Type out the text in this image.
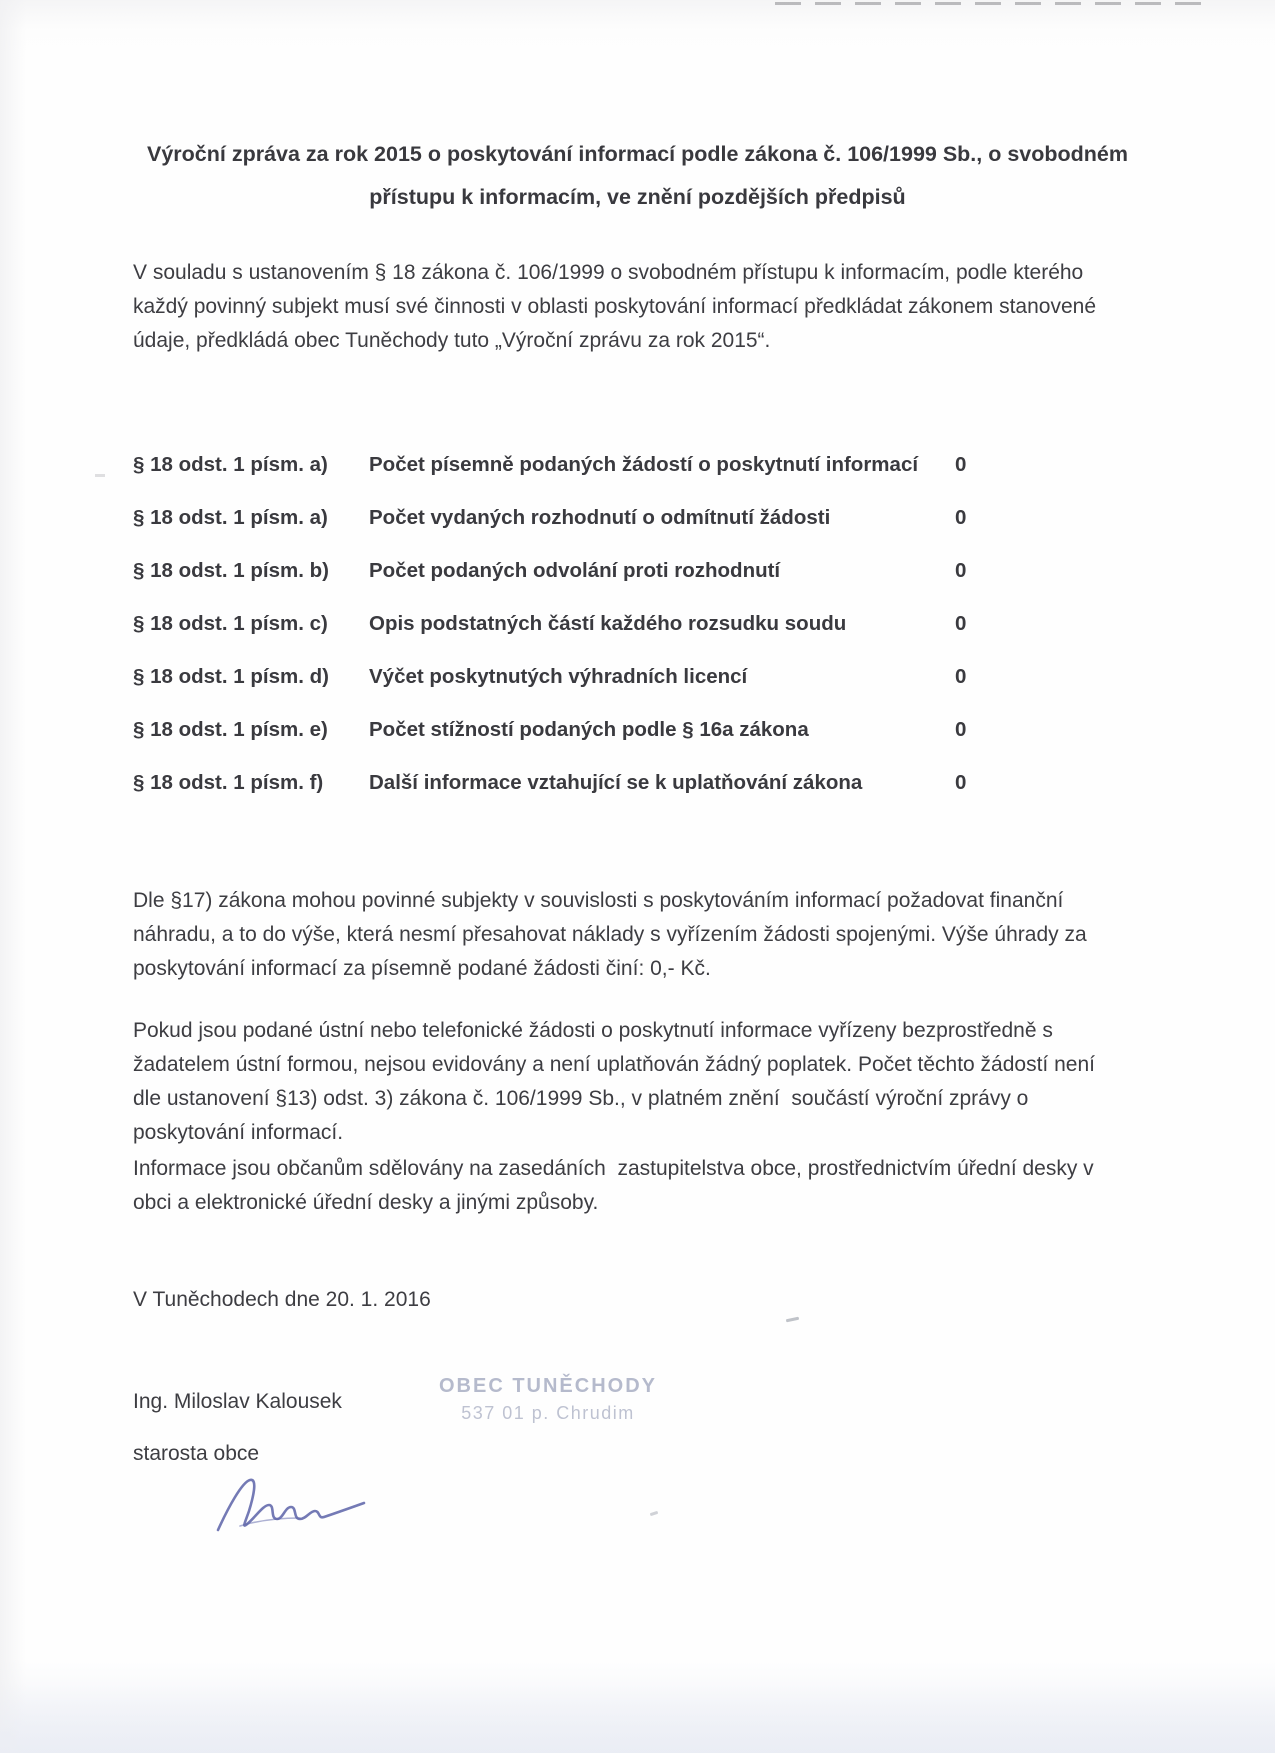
Výroční zpráva za rok 2015 o poskytování informací podle zákona č. 106/1999 Sb., o svobodném přístupu k informacím, ve znění pozdějších předpisů
V souladu s ustanovením § 18 zákona č. 106/1999 o svobodném přístupu k informacím, podle kterého každý povinný subjekt musí své činnosti v oblasti poskytování informací předkládat zákonem stanovené údaje, předkládá obec Tuněchody tuto „Výroční zprávu za rok 2015“.
§ 18 odst. 1 písm. a)	Počet písemně podaných žádostí o poskytnutí informací	0
§ 18 odst. 1 písm. a)	Počet vydaných rozhodnutí o odmítnutí žádosti	0
§ 18 odst. 1 písm. b)	Počet podaných odvolání proti rozhodnutí	0
§ 18 odst. 1 písm. c)	Opis podstatných částí každého rozsudku soudu	0
§ 18 odst. 1 písm. d)	Výčet poskytnutých výhradních licencí	0
§ 18 odst. 1 písm. e)	Počet stížností podaných podle § 16a zákona	0
§ 18 odst. 1 písm. f)	Další informace vztahující se k uplatňování zákona	0
Dle §17) zákona mohou povinné subjekty v souvislosti s poskytováním informací požadovat finanční náhradu, a to do výše, která nesmí přesahovat náklady s vyřízením žádosti spojenými. Výše úhrady za poskytování informací za písemně podané žádosti činí: 0,- Kč.
Pokud jsou podané ústní nebo telefonické žádosti o poskytnutí informace vyřízeny bezprostředně s žadatelem ústní formou, nejsou evidovány a není uplatňován žádný poplatek. Počet těchto žádostí není dle ustanovení §13) odst. 3) zákona č. 106/1999 Sb., v platném znění  součástí výroční zprávy o poskytování informací.
Informace jsou občanům sdělovány na zasedáních  zastupitelstva obce, prostřednictvím úřední desky v obci a elektronické úřední desky a jinými způsoby.
V Tuněchodech dne 20. 1. 2016
Ing. Miloslav Kalousek
OBEC TUNĚCHODY
537 01 p. Chrudim
starosta obce
